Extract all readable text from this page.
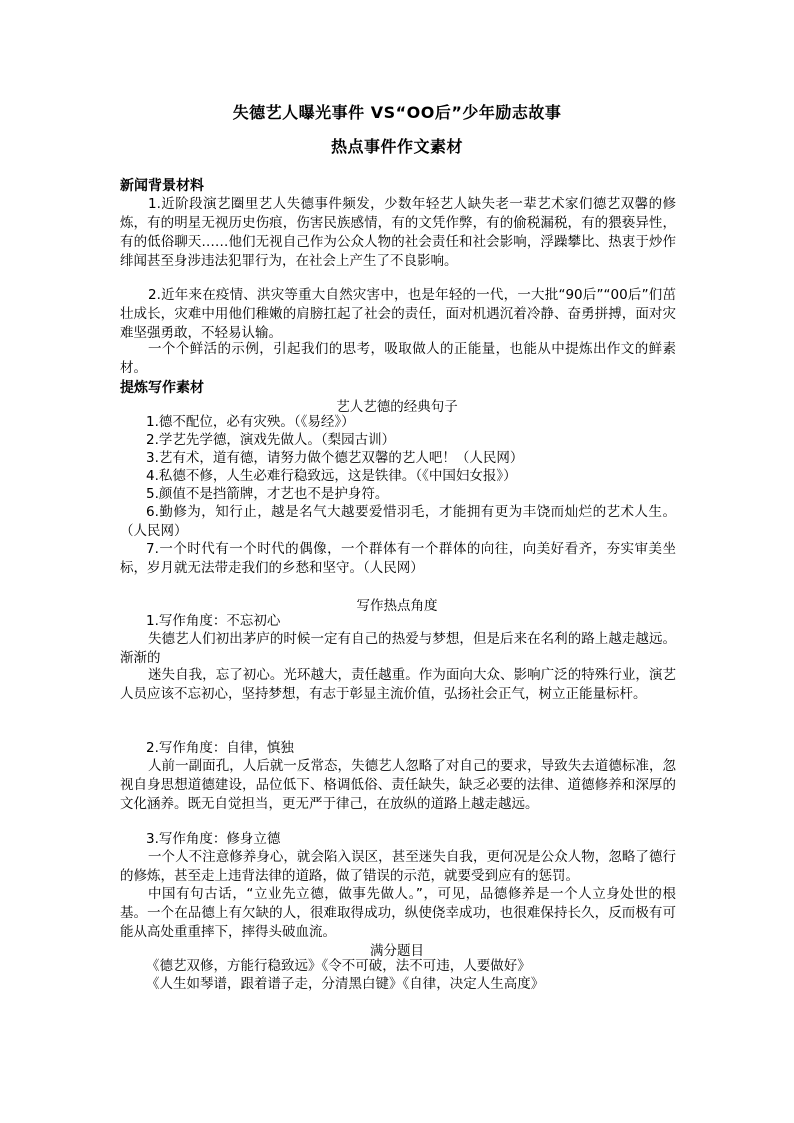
失德艺人曝光事件 VS“OO后”少年励志故事
热点事件作文素材
新闻背景材料
1.近阶段演艺圈里艺人失德事件频发，少数年轻艺人缺失老一辈艺术家们德艺双馨的修炼，有的明星无视历史伤痕，伤害民族感情，有的文凭作弊，有的偷税漏税，有的猥亵异性，有的低俗聊天……他们无视自己作为公众人物的社会责任和社会影响，浮躁攀比、热衷于炒作绯闻甚至身涉违法犯罪行为，在社会上产生了不良影响。
2.近年来在疫情、洪灾等重大自然灾害中，也是年轻的一代，一大批“90后”“00后”们茁壮成长，灾难中用他们稚嫩的肩膀扛起了社会的责任，面对机遇沉着冷静、奋勇拼搏，面对灾难坚强勇敢，不轻易认输。
一个个鲜活的示例，引起我们的思考，吸取做人的正能量，也能从中提炼出作文的鲜素材。
提炼写作素材
艺人艺德的经典句子
1.德不配位，必有灾殃。（《易经》）
2.学艺先学德，演戏先做人。（梨园古训）
3.艺有术，道有德，请努力做个德艺双馨的艺人吧！（人民网）
4.私德不修，人生必难行稳致远，这是铁律。（《中国妇女报》）
5.颜值不是挡箭牌，才艺也不是护身符。
6.勤修为，知行止，越是名气大越要爱惜羽毛，才能拥有更为丰饶而灿烂的艺术人生。（人民网）
7.一个时代有一个时代的偶像，一个群体有一个群体的向往，向美好看齐，夯实审美坐标，岁月就无法带走我们的乡愁和坚守。（人民网）
写作热点角度
1.写作角度：不忘初心
失德艺人们初出茅庐的时候一定有自己的热爱与梦想，但是后来在名利的路上越走越远。渐渐的
迷失自我，忘了初心。光环越大，责任越重。作为面向大众、影响广泛的特殊行业，演艺人员应该不忘初心，坚持梦想，有志于彰显主流价值，弘扬社会正气，树立正能量标杆。
2.写作角度：自律，慎独
人前一副面孔，人后就一反常态，失德艺人忽略了对自己的要求，导致失去道德标准，忽视自身思想道德建设，品位低下、格调低俗、责任缺失，缺乏必要的法律、道德修养和深厚的文化涵养。既无自觉担当，更无严于律己，在放纵的道路上越走越远。
3.写作角度：修身立德
一个人不注意修养身心，就会陷入误区，甚至迷失自我，更何况是公众人物，忽略了德行的修炼，甚至走上违背法律的道路，做了错误的示范，就要受到应有的惩罚。
中国有句古话，“立业先立德，做事先做人。”，可见，品德修养是一个人立身处世的根基。一个在品德上有欠缺的人，很难取得成功，纵使侥幸成功，也很难保持长久，反而极有可能从高处重重摔下，摔得头破血流。
满分题目
《德艺双修，方能行稳致远》《令不可破，法不可违，人要做好》
《人生如琴谱，跟着谱子走，分清黑白键》《自律，决定人生高度》
